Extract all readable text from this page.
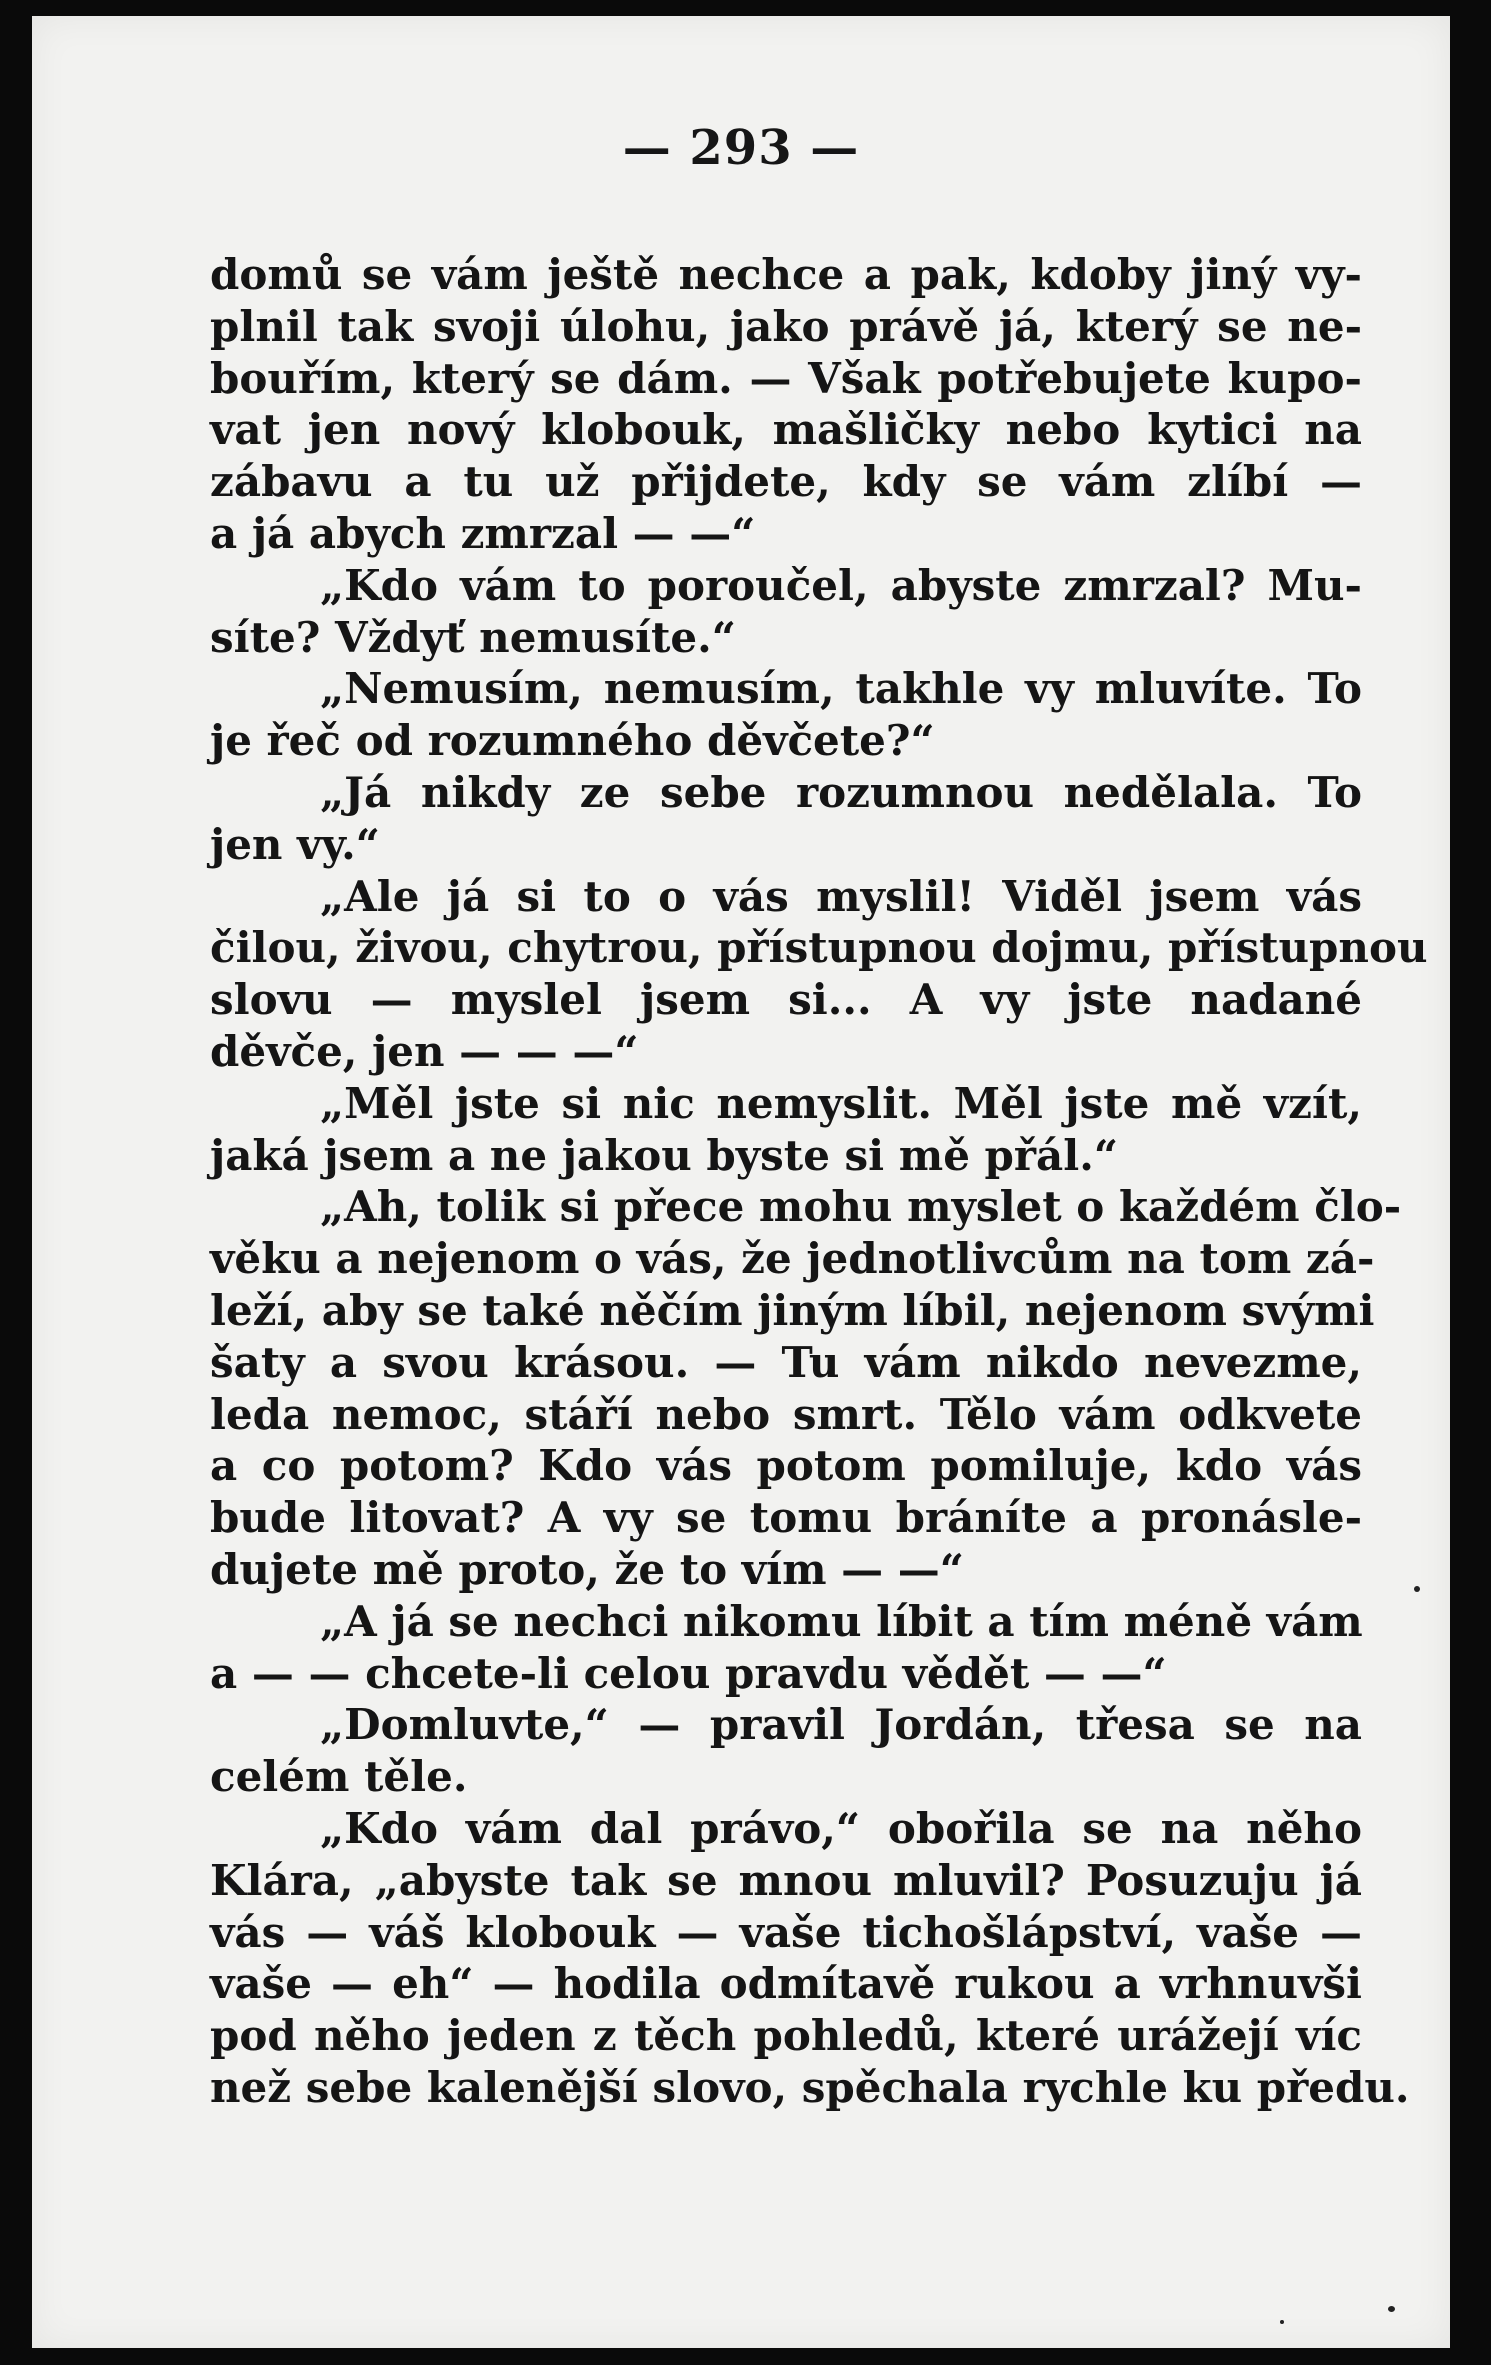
— 293 —
domů se vám ještě nechce a pak, kdoby jiný vy-
plnil tak svoji úlohu, jako právě já, který se ne-
bouřím, který se dám. — Však potřebujete kupo-
vat jen nový klobouk, mašličky nebo kytici na
zábavu a tu už přijdete, kdy se vám zlíbí —
a já abych zmrzal — —“
„Kdo vám to poroučel, abyste zmrzal? Mu-
síte? Vždyť nemusíte.“
„Nemusím, nemusím, takhle vy mluvíte. To
je řeč od rozumného děvčete?“
„Já nikdy ze sebe rozumnou nedělala. To
jen vy.“
„Ale já si to o vás myslil! Viděl jsem vás
čilou, živou, chytrou, přístupnou dojmu, přístupnou
slovu — myslel jsem si... A vy jste nadané
děvče, jen — — —“
„Měl jste si nic nemyslit. Měl jste mě vzít,
jaká jsem a ne jakou byste si mě přál.“
„Ah, tolik si přece mohu myslet o každém člo-
věku a nejenom o vás, že jednotlivcům na tom zá-
leží, aby se také něčím jiným líbil, nejenom svými
šaty a svou krásou. — Tu vám nikdo nevezme,
leda nemoc, stáří nebo smrt. Tělo vám odkvete
a co potom? Kdo vás potom pomiluje, kdo vás
bude litovat? A vy se tomu bráníte a pronásle-
dujete mě proto, že to vím — —“
„A já se nechci nikomu líbit a tím méně vám
a — — chcete-li celou pravdu vědět — —“
„Domluvte,“ — pravil Jordán, třesa se na
celém těle.
„Kdo vám dal právo,“ obořila se na něho
Klára, „abyste tak se mnou mluvil? Posuzuju já
vás — váš klobouk — vaše tichošlápství, vaše —
vaše — eh“ — hodila odmítavě rukou a vrhnuvši
pod něho jeden z těch pohledů, které urážejí víc
než sebe kalenější slovo, spěchala rychle ku předu.
